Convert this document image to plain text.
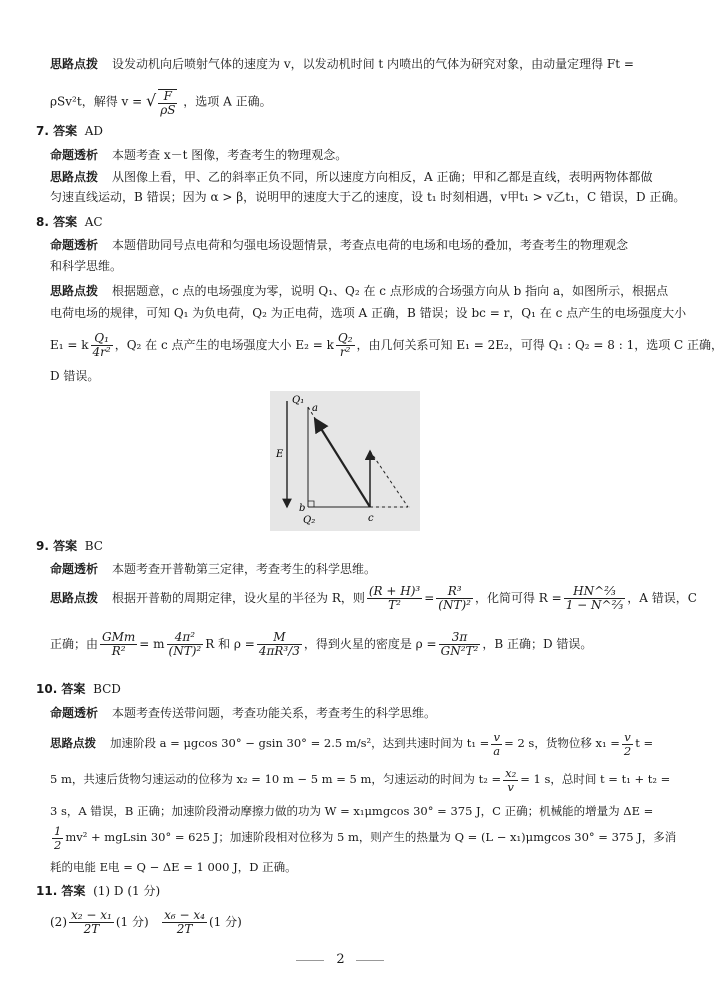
思路点拨 设发动机向后喷射气体的速度为 v，以发动机时间 t 内喷出的气体为研究对象，由动量定理得 Ft =
ρSv²t，解得 v = √ $\frac{F}{\rho S}$ ，选项 A 正确。
7. 答案 AD
命题透析 本题考查 x－t 图像，考查考生的物理观念。
思路点拨 从图像上看，甲、乙的斜率正负不同，所以速度方向相反，A 正确；甲和乙都是直线，表明两物体都做
匀速直线运动，B 错误；因为 α > β，说明甲的速度大于乙的速度，设 t₁ 时刻相遇，v甲t₁ > v乙t₁，C 错误，D 正确。
8. 答案 AC
命题透析 本题借助同号点电荷和匀强电场设题情景，考查点电荷的电场和电场的叠加，考查考生的物理观念
和科学思维。
思路点拨 根据题意，c 点的电场强度为零，说明 Q₁、Q₂ 在 c 点形成的合场强方向从 b 指向 a，如图所示，根据点
电荷电场的规律，可知 Q₁ 为负电荷，Q₂ 为正电荷，选项 A 正确，B 错误；设 bc = r，Q₁ 在 c 点产生的电场强度大小
E₁ = k $\frac{\text{Q₁}}{\text{4r²}}$ ，Q₂ 在 c 点产生的电场强度大小 E₂ = k $\frac{\text{Q₂}}{\text{r²}}$ ，由几何关系可知 E₁ = 2E₂，可得 Q₁ : Q₂ = 8 : 1，选项 C 正确，
D 错误。
Q₁
a
E
b
Q₂	c
9. 答案 BC
命题透析 本题考查开普勒第三定律，考查考生的科学思维。
思路点拨 根据开普勒的周期定律，设火星的半径为 R，则 $\frac{\text{(R + H)³}}{\text{T²}} = \frac{\text{R³}}{\text{(NT)²}}$ ，化简可得 $R = \frac{\text{HN\textasciicircum{}⅔}}{\text{1 − N\textasciicircum{}⅔}}$ ，A 错误，C
正确；由 $\frac{\text{GMm}}{\text{R²}} = m \frac{\text{4π²}}{\text{(NT)²}}$ R 和 $\rho = \frac{M}{\text{4πR³/3}}$ ，得到火星的密度是 $\rho = \frac{3\pi}{\text{GN²T²}}$ ，B 正确；D 错误。
10. 答案 BCD
命题透析 本题考查传送带问题，考查功能关系，考查考生的科学思维。
思路点拨 加速阶段 a = μgcos 30° − gsin 30° = 2.5 m/s²，达到共速时间为 $t_1 = \frac{v}{a} = 2$ s，货物位移 $x_1 = \frac{v}{2}$ t =
5 m，共速后货物匀速运动的位移为 x₂ = 10 m − 5 m = 5 m，匀速运动的时间为 $t_2 = \frac{\text{x₂}}{v} = 1$ s，总时间 t = t₁ + t₂ =
3 s，A 错误，B 正确；加速阶段滑动摩擦力做的功为 W = x₁μmgcos 30° = 375 J，C 正确；机械能的增量为 ΔE =
$\frac{1}{2} mv^2 + mgLsin$ 30° = 625 J；加速阶段相对位移为 5 m，则产生的热量为 Q = (L − x₁)μmgcos 30° = 375 J，多消
耗的电能 E电 = Q − ΔE = 1 000 J，D 正确。
11. 答案 (1) D (1 分)
$(2) \frac{\text{x₂ − x₁}}{2T} (1$ 分) $\frac{\text{x₆ − x₄}}{2T} (1$ 分)
2
